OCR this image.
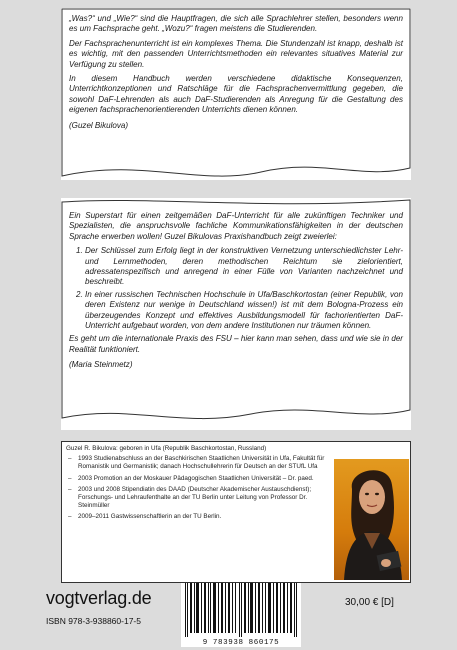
„Was?“ und „Wie?“ sind die Hauptfragen, die sich alle Sprachlehrer stellen, besonders wenn es um Fachsprache geht. „Wozu?“ fragen meistens die Studierenden.

Der Fachsprachenunterricht ist ein komplexes Thema. Die Stundenzahl ist knapp, deshalb ist es wichtig, mit den passenden Unterrichtsmethoden ein relevantes situatives Material zur Verfügung zu stellen.

In diesem Handbuch werden verschiedene didaktische Konsequenzen, Unterrichtkonzeptionen und Ratschläge für die Fachsprachenvermittlung gegeben, die sowohl DaF-Lehrenden als auch DaF-Studierenden als Anregung für die Gestaltung des eigenen fachsprachenorientierenden Unterrichts dienen können.

(Guzel Bikulova)

Ein Superstart für einen zeitgemäßen DaF-Unterricht für alle zukünftigen Techniker und Spezialisten, die anspruchsvolle fachliche Kommunikationsfähigkeiten in der deutschen Sprache erwerben wollen! Guzel Bikulovas Praxishandbuch zeigt zweierlei:

1. Der Schlüssel zum Erfolg liegt in der konstruktiven Vernetzung unterschiedlichster Lehr- und Lernmethoden, deren methodischen Reichtum sie zielorientiert, adressatenspezifisch und anregend in einer Fülle von Varianten nachzeichnet und beschreibt.
2. In einer russischen Technischen Hochschule in Ufa/Baschkortostan (einer Republik, von deren Existenz nur wenige in Deutschland wissen!) ist mit dem Bologna-Prozess ein überzeugendes Konzept und effektives Ausbildungsmodell für fachorientierten DaF-Unterricht aufgebaut worden, von dem andere Institutionen nur träumen können.

Es geht um die internationale Praxis des FSU – hier kann man sehen, dass und wie sie in der Realität funktioniert.

(Maria Steinmetz)

Guzel R. Bikulova: geboren in Ufa (Republik Baschkortostan, Russland)

– 1993 Studienabschluss an der Baschkirischen Staatlichen Universität in Ufa, Fakultät für Romanistik und Germanistik; danach Hochschullehrerin für Deutsch an der STUfL Ufa
– 2003 Promotion an der Moskauer Pädagogischen Staatlichen Universität – Dr. paed.
– 2003 und 2008 Stipendiatin des DAAD (Deutscher Akademischer Austauschdienst); Forschungs- und Lehraufenthalte an der TU Berlin unter Leitung von Professor Dr. Steinmüller
– 2009–2011 Gastwissenschaftlerin an der TU Berlin.
vogtverlag.de
ISBN 978-3-938860-17-5
30,00 € [D]
9 783938 860175
